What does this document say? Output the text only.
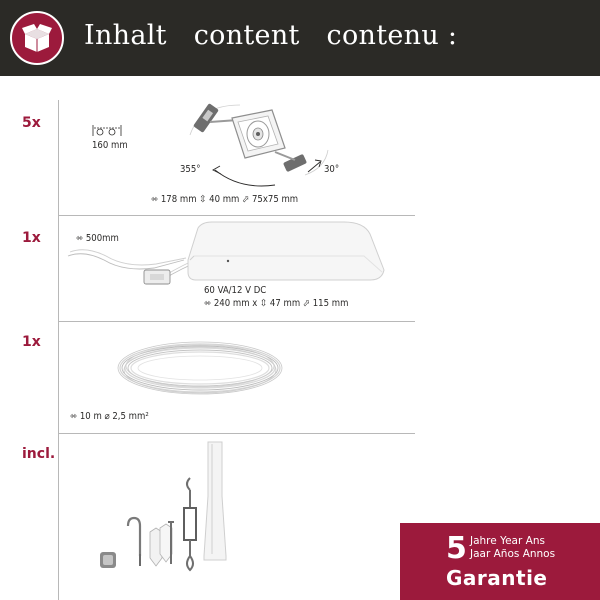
Inhalt content contenu :
5x
1x
1x
incl.
160 mm
355°	30°
⬄ 178 mm ⇳ 40 mm ⬀ 75x75 mm
⬄ 500mm
60 VA/12 V DC
⬄ 240 mm x ⇳ 47 mm ⬀ 115 mm
⬄ 10 m ⌀ 2,5 mm²
5 Jahre Year Ans
Jaar Años Annos
Garantie
